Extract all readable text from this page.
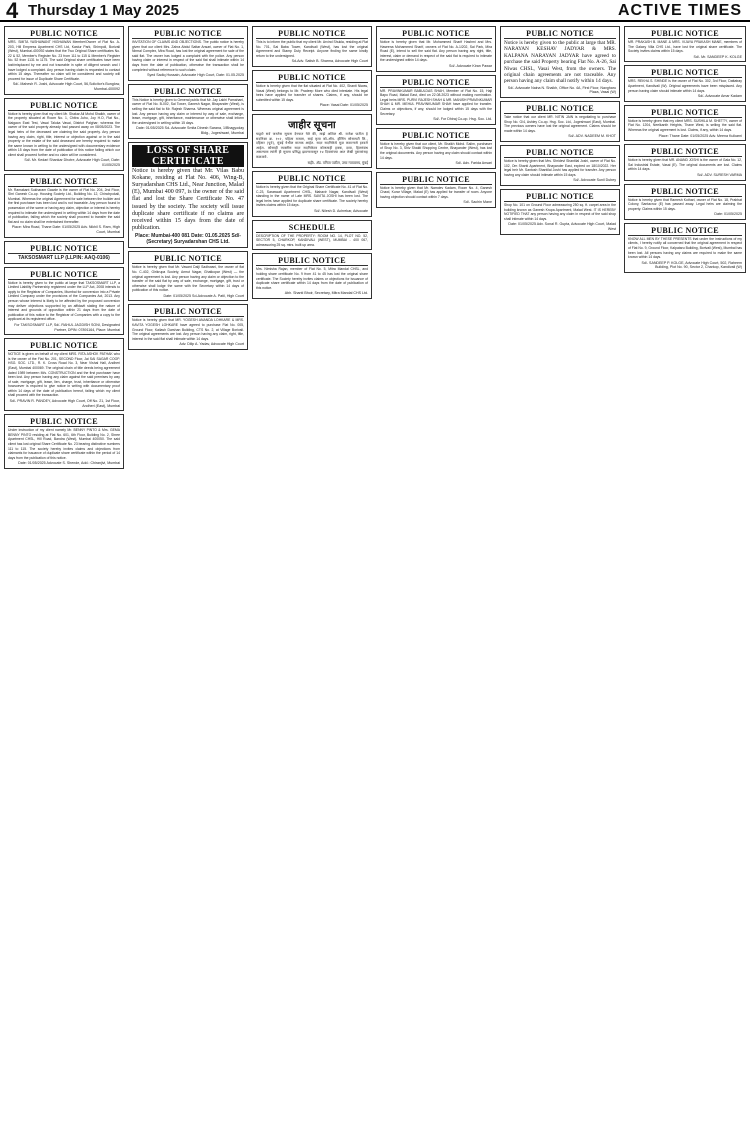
4 Thursday 1 May 2025	ACTIVE TIMES
PUBLIC NOTICE
MRS. SMITA YASHAWANT HIGHAWAN Member/Owner of Flat No. A-203, Hill Empress Apartment CHS Ltd, Kastur Park, Shimpoli, Borivali (West), Mumbai-400092 states that the Two Original Share certificates No. 22 & 52, Member's Register No. 23 from 111 to 115 & Member's Register No. 52 from 1131 to 1175. The said Original share certificates have been lost/misplaced by me and not traceable in spite of diligent search and I have lodged a complaint. Any person having claim is requested to contact within 15 days. Thereafter no claim will be considered and society will proceed for issue of Duplicate Share Certificate.
Sd/- Mahesh R. Joshi, Advocate High Court, 56,Solicitor's Bunglow, Mumbai-400092
PUBLIC NOTICE
Notice is hereby given that my client Mr. Shakar Ali Mohd Shaikh, owner of the property situated at Room No. 1, Chitra Juhu, Joy H.O, Flat No., Naigaon East Test, Vasai Taluka Vasai, District Palghar; whereas the owner of the said property already had passed away on 08/05/2023. The legal heirs of the deceased are claiming the said property. Any person having any claim, right, title, interest or objection against or in the said property or the estate of the said deceased are hereby required to make the same known in writing to the undersigned with documentary evidence within 15 days from the date of publication of this notice failing which our client shall proceed further and no claim will be considered.
Sd/- Mr. Kedari Shankar Dhotre, Advocate High Court, Date: 01/05/2025
PUBLIC NOTICE
Mr. Ramakant Sukharam Gawde is the owner of Flat No. 204, 2nd Floor, Shri Ganesh Co-op. Housing Society Ltd., Building No. 12, Chinchpokali, Mumbai. Whereas the original Agreement for sale between the builder and the first purchaser has been lost and is not traceable. Any person found in possession of the same or having any claim, objection or interest is hereby required to intimate the undersigned in writing within 14 days from the date of publication, failing which the society shall proceed to transfer the said flat and no claim shall be entertained thereafter.
Place: Mira Road, Thane Date: 01/05/2025 Adv. Nikhil S. Ram, High Court, Mumbai
PUBLIC NOTICE
TAKSOSMART LLP (LLPIN: AAQ-0106)
PUBLIC NOTICE
Notice is hereby given to the public at large that TAKSOSMART LLP, a Limited Liability Partnership registered under the LLP Act, 2008 intends to apply to the Registrar of Companies, Mumbai for conversion into a Private Limited Company under the provisions of the Companies Act, 2013. Any person whose interest is likely to be affected by the proposed conversion may deliver objections supported by an affidavit stating the nature of interest and grounds of opposition within 21 days from the date of publication of this notice to the Registrar of Companies with a copy to the applicant at its registered office.
For TAKSOSMART LLP, Sd/- RAHUL JAGDISH SONI, Designated Partner, DPIN: 07891164, Place: Mumbai
PUBLIC NOTICE
NOTICE is given on behalf of my client MRS. RITA ASHOK PATHAK who is the owner of the Flat No. 201, SECOND Floor, Jai SAI SAGAR COOP. HSG. SOC. LTD., R. K. Cross Road No. 3, Near Vishal Hall, Andheri (East), Mumbai 400069. The original chain of title deeds being agreement dated 1989 between M/s. CONSTRUCTION and the first purchaser have been lost. Any person having any claim against the said premises by way of sale, mortgage, gift, lease, lien, charge, trust, inheritance or otherwise howsoever is required to give notice in writing with documentary proof within 14 days of the date of publication hereof, failing which my client shall proceed with the transaction.
Sd/- PRAVIN R. PANDEY, Advocate High Court, Off No. 21, 1st Floor, Andheri (East), Mumbai
PUBLIC NOTICE
Under instruction of my client namely Mr. BENNY PINTO & Mrs. GEMA BENNY PINTO residing at Flat No. 601, 6th Floor, Building No. 2, Shree Apartment CHSL, Hill Road, Bandra (West), Mumbai 400050. The said client has lost original Share Certificate No. 23 bearing distinctive numbers 111 to 115. The society hereby invites claims and objections from claimants for issuance of duplicate share certificate within the period of 14 days from the publication of this notice.
Date: 01/05/2025 Advocate S. Shende, Add.: Chiranjivi, Mumbai
PUBLIC NOTICE
INVITATION OF CLAIMS AND OBJECTIONS. The public notice is hereby given that our client Mrs. Zahra Abdul Sattar Ansari, owner of Flat No. 1, Nirmal Complex, Mira Road, has lost the original agreement for sale of the said flat. The owner has lodged a complaint with the police. Any person having claim or interest in respect of the said flat shall intimate within 14 days from the date of publication, otherwise the transaction shall be completed without reference to such claim.
Syed Sadiq Hussain, Advocate High Court, Date: 01.05.2025
PUBLIC NOTICE
This Notice is hereby given to General public that Mr. Jay Lakhi Pamahani, owner of Flat No. B-002, Sai Tower, Ganesh Nagar, Bhayander (West), is selling the said flat to Mr. Rajesh Sharma. Whereas original agreement is lost. Any person having any claim or interest by way of sale, exchange, lease, mortgage, gift, inheritance, maintenance or otherwise shall inform the undersigned in writing within 15 days.
Date: 01/05/2025 Sd- Advocate Smita Dinesh Sarana, 1/Bhagyoday Bldg., Jogeshwari, Mumbai
LOSS OF SHARE CERTIFICATE
Notice is hereby given that Mr. Vilas Babu Kokane, residing at Flat No. 406, Wing-B, Suryadarshan CHS Ltd., Near Junction, Malad (E), Mumbai 400 097, is the owner of the said flat and lost the Share Certificate No. 47 issued by the society. The society will issue duplicate share certificate if no claims are received within 15 days from the date of publication.
Place: Mumbai-400 081 Date: 01.05.2025 Sd/- (Secretary) Suryadarshan CHS Ltd.
PUBLIC NOTICE
Notice is hereby given that Mr. Vasant Dalji Sadhwani, the owner of flat No. C-402, Girikrupa Society, Amrut Nagar, Ghatkopar (West) — the original agreement is lost. Any person having any claim or objection to the transfer of the said flat by way of sale, exchange, mortgage, gift, trust or otherwise shall lodge the same with the Secretary within 14 days of publication of this notice.
Date: 01/05/2025 Sd-Advocate A. Patil, High Court
PUBLIC NOTICE
Notice is hereby given that MR. YOGESH ANANDA LOHKARE & MRS. KAVITA YOGESH LOHKARE have agreed to purchase Flat No. 005, Ground Floor, Kailash Darshan Building, CTS No. 2, at Village Borivali. The original agreements are lost. Any person having any claim, right, title, interest in the said flat shall intimate within 14 days.
Adv. Dilip A. Yadav, Advocate High Court
PUBLIC NOTICE
This is to inform the public that my client Mr. Arvind Shukla, residing at Flat No. 701, Sai Baba Tower, Kandivali (West), has lost the original Agreement and Stamp Duty Receipt. Anyone finding the same kindly return to the undersigned.
Sd-Adv. Satish B. Sharma, Advocate High Court
PUBLIC NOTICE
Notice is hereby given that the flat situated at Flat No. 402, Shanti Niwas, Vasai (West) belongs to Mr. Pradeep More who died intestate. His legal heirs have applied for transfer of shares. Claims, if any, should be submitted within 15 days.
Place: Vasai Date: 01/05/2025
जाहीर सूचना
याद्वारे सर्व जनतेस सूचना देण्यात येते की, माझे अशिल श्री. राजेश पाटील हे सदनिका क्र. १०२, पहिला मजला, साई कृपा को-ऑप. हौसिंग सोसायटी लि., दहिसर (पूर्व), मुंबई येथील मालक आहेत. सदर सदनिकेचे मूळ करारनामे हरवले आहेत. कोणाही व्यक्तीस सदर सदनिकेवर कोणताही हक्क, दावा, हितसंबंध असल्यास त्यांनी ही सूचना प्रसिद्ध झाल्यापासून १४ दिवसांच्या आत लेखी पुराव्यांसह कळवावे.
सही/- ॲड. वनिता पाटील, उच्च न्यायालय, मुंबई
PUBLIC NOTICE
Notice is hereby given that the Original Share Certificate No. 41 of Flat No. C-23, Saraswati Apartment CHSL, Mahavir Nagar, Kandivali (West) standing in the name of Late MRS. SAVITA JOSHI has been lost. The legal heirs have applied for duplicate share certificate. The society hereby invites claims within 15 days.
Sd/- Nilesh D. Achrekar, Advocate
SCHEDULE
DESCRIPTION OF THE PROPERTY: ROOM NO. 14, PLOT NO. 52, SECTOR 5, CHARKOP, KANDIVALI (WEST), MUMBAI - 400 067, admeasuring 25 sq. mtrs. built up area.
PUBLIC NOTICE
Mrs. Nimisha Rajan, member of Flat No. 5, Mitra Mandal CHSL, and holding share certificate No. 9 from 41 to 45 has lost the original share certificate. The Society hereby invites claims or objections for issuance of duplicate share certificate within 14 days from the date of publication of this notice.
Abh. Shanti Bhoir, Secretary, Mitra Mandal CHS Ltd.
PUBLIC NOTICE
Notice is hereby given that Mr. Mohammed Sharif Hashmi and Mrs. Haseena Mohammed Sharif, owners of Flat No. A-1/202, Sai Park, Mira Road (E), intend to sell the said flat. Any person having any right, title, interest, claim or demand in respect of the said flat is required to intimate the undersigned within 14 days.
Sd/- Advocate Kiran Pawar
PUBLIC NOTICE
MR. PRAVINKUMAR BABULDAS SHAH, Member of Flat No. 15, Haji Bapu Road, Malad East, died on 22.08.2023 without making nomination. Legal heirs MRS. PURVI RAJESH SHAH & MR. MANISH PRAVINKUMAR SHAH & MR. MEHUL PRAVINKUMAR SHAH have applied for transfer. Claims or objections, if any, should be lodged within 15 days with the Secretary.
Sd/- For Dhiraj Co-op. Hsg. Soc. Ltd.
PUBLIC NOTICE
Notice is hereby given that our client, Mr. Shaikh Mohd. Salim, purchaser of Shop No. 3, Shiv Shakti Shopping Centre, Bhayander (West), has lost the original documents. Any person having any claim should contact within 14 days.
Sd/- Adv. Farida Ansari
PUBLIC NOTICE
Notice is hereby given that Mr. Namdev Kadam, Room No. 4, Ganesh Chawl, Kurar Village, Malad (E) has applied for transfer of room. Anyone having objection should contact within 7 days.
Sd/- Sachin Mane
PUBLIC NOTICE
Notice is hereby given to the public at large that MR. NARAYAN KESHAV JADYAR & MRS. KALPANA NARAYAN JADYAR have agreed to purchase the said Property bearing Flat No. A-26, Sai Niwas CHSL, Vasai West, from the owners. The original chain agreements are not traceable. Any person having any claim shall notify within 14 days.
Sd/- Advocate Naina N. Shaikh, Office No. 4A, First Floor, Navgharu Plaza, Vasai (W)
PUBLIC NOTICE
Take notice that our client MR. NITIN JAIN is negotiating to purchase Shop No. G/4, Ashley Co-op. Hsg. Soc. Ltd., Jogeshwari (East), Mumbai. The previous owners have lost the original agreement. Claims should be made within 14 days.
Sd/- ADV. NADEEM M. KHOT
PUBLIC NOTICE
Notice is hereby given that Mrs. Shridevi Shantilal Joshi, owner of Flat No. 102, Om Shanti Apartment, Bhayander East, expired on 18/10/2022. Her legal heir Mr. Santosh Shantilal Joshi has applied for transfer. Any person having any claim should intimate within 15 days.
Sd/- Advocate Sunil Dubey
PUBLIC NOTICE
Shop No. 101 on Ground Floor admeasuring 250 sq. ft. carpet area in the building known as Ganesh Krupa Apartment, Malad West. IT IS HEREBY NOTIFIED THAT any person having any claim in respect of the said shop shall intimate within 14 days.
Date: 01/05/2025 Adv. Sonal R. Gupta, Advocate High Court, Malad West
PUBLIC NOTICE
MR. PRAKASH B. MANE & MRS. VIJAYA PRAKASH MANE, members of The Galaxy Villa CHS Ltd., have lost the original share certificate. The Society invites claims within 15 days.
Sd/- Mr. SANDEEP K. KOLGE
PUBLIC NOTICE
MRS. REKHA S. SHINDE is the owner of Flat No. 302, 3rd Floor, Dattatray Apartment, Kandivali (W). Original agreements have been misplaced. Any person having claim should intimate within 14 days.
Sd/- Advocate Amar Kadam
PUBLIC NOTICE
Notice is hereby given that my client MRS. SUSHILA M. SHETTY, owner of Flat No. 1204, Neelkanth Heights, Thane West, is selling the said flat. Whereas the original agreement is lost. Claims, if any, within 14 days.
Place: Thane Date: 01/05/2025 Adv. Meena Kulkarni
PUBLIC NOTICE
Notice is hereby given that MR. ANAND JOSHI is the owner of Gala No. 12, Sai Industrial Estate, Vasai (E). The original documents are lost. Claims within 14 days.
Sd/- ADV. SURESH VARMA
PUBLIC NOTICE
Notice is hereby given that Ramesh Kothari, owner of Flat No. 18, Prabhat Colony, Santacruz (E) has passed away. Legal heirs are claiming the property. Claims within 15 days.
Date: 01/05/2025
PUBLIC NOTICE
KNOW ALL MEN BY THESE PRESENTS that under the instructions of my clients, I hereby notify all concerned that the original agreement in respect of Flat No. 9, Ground Floor, Kalpataru Building, Borivali (West), Mumbai has been lost. All persons having any claims are required to make the same known within 14 days.
Sd/- SANDEEP P. KOLGE, Advocate High Court, 502, Raheem Building, Plot No. 90, Sector 2, Charkop, Kandivali (W)
